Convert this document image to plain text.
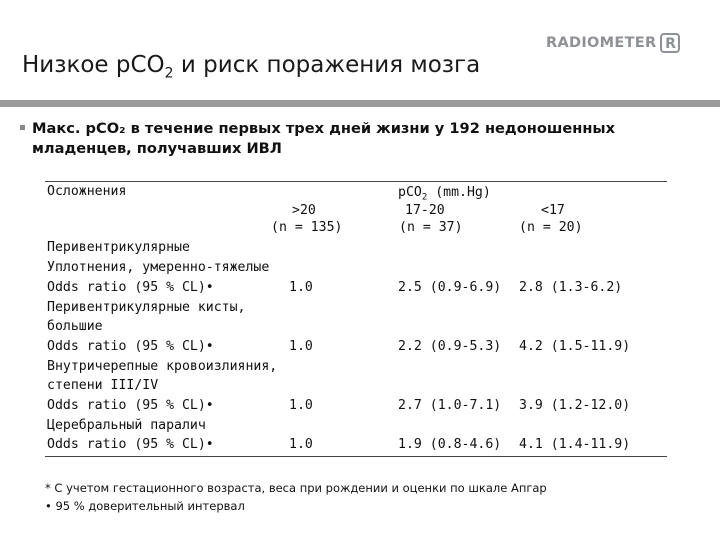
Низкое pCO$_2$ и риск поражения мозга
RADIOMETER R
Макс. pCO₂ в течение первых трех дней жизни у 192 недоношенных
младенцев, получавших ИВЛ
Осложнения	pCO$_2$ (mm.Hg)
>20	17-20	<17
(n = 135)	(n = 37)	(n = 20)
Перивентрикулярные
Уплотнения, умеренно-тяжелые
Odds ratio (95 % CL)•	1.0	2.5 (0.9-6.9) 2.8 (1.3-6.2)
Перивентрикулярные кисты,
большие
Odds ratio (95 % CL)•	1.0	2.2 (0.9-5.3) 4.2 (1.5-11.9)
Внутричерепные кровоизлияния,
степени III/IV
Odds ratio (95 % CL)•	1.0	2.7 (1.0-7.1) 3.9 (1.2-12.0)
Церебральный паралич
Odds ratio (95 % CL)•	1.0	1.9 (0.8-4.6) 4.1 (1.4-11.9)
* С учетом гестационного возраста, веса при рождении и оценки по шкале Апгар
• 95 % доверительный интервал
